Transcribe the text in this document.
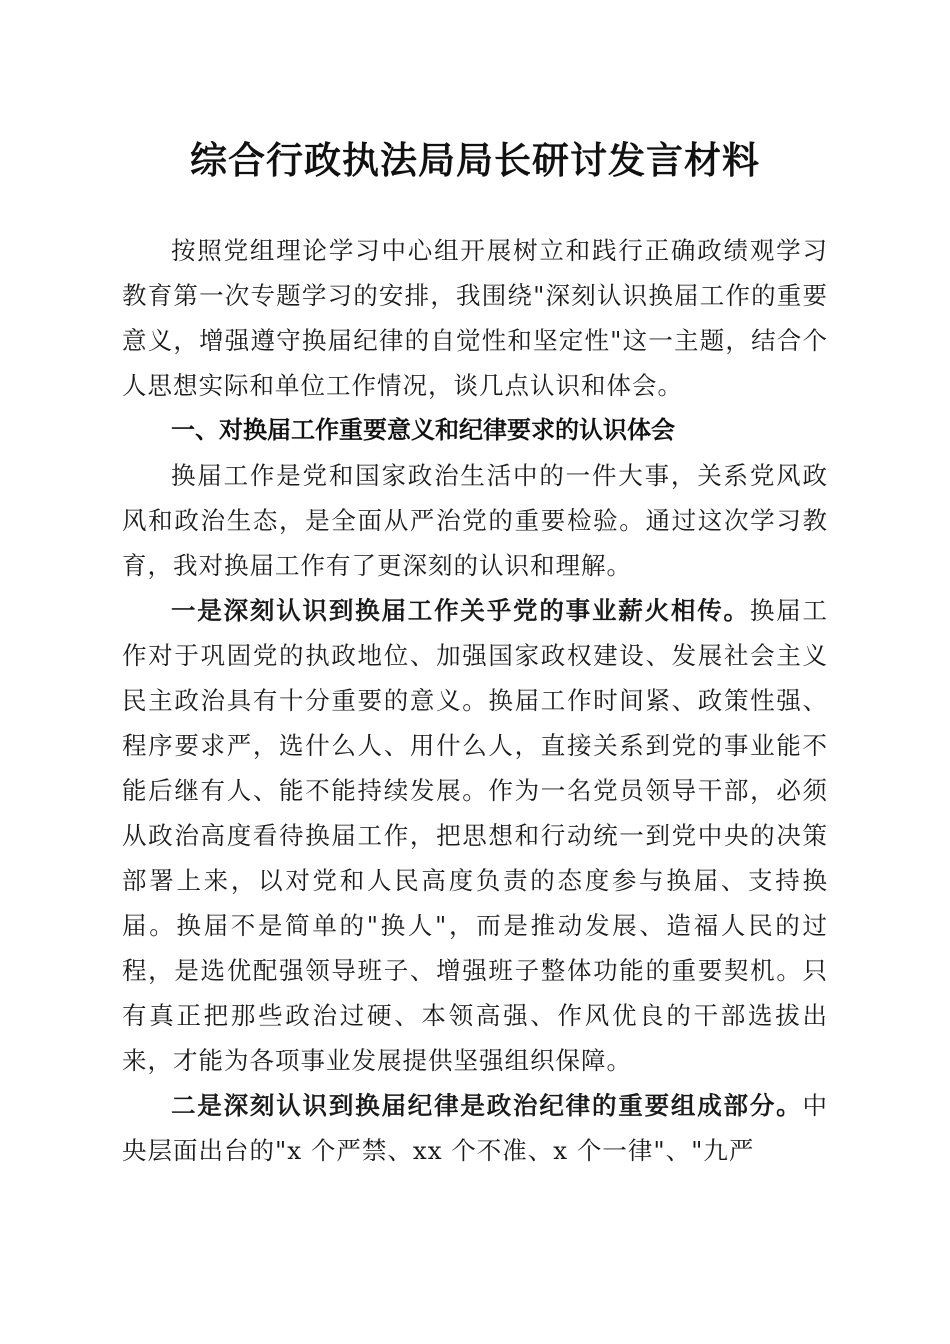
综合行政执法局局长研讨发言材料

按照党组理论学习中心组开展树立和践行正确政绩观学习教育第一次专题学习的安排，我围绕"深刻认识换届工作的重要意义，增强遵守换届纪律的自觉性和坚定性"这一主题，结合个人思想实际和单位工作情况，谈几点认识和体会。

一、对换届工作重要意义和纪律要求的认识体会

换届工作是党和国家政治生活中的一件大事，关系党风政风和政治生态，是全面从严治党的重要检验。通过这次学习教育，我对换届工作有了更深刻的认识和理解。

一是深刻认识到换届工作关乎党的事业薪火相传。换届工作对于巩固党的执政地位、加强国家政权建设、发展社会主义民主政治具有十分重要的意义。换届工作时间紧、政策性强、程序要求严，选什么人、用什么人，直接关系到党的事业能不能后继有人、能不能持续发展。作为一名党员领导干部，必须从政治高度看待换届工作，把思想和行动统一到党中央的决策部署上来，以对党和人民高度负责的态度参与换届、支持换届。换届不是简单的"换人"，而是推动发展、造福人民的过程，是选优配强领导班子、增强班子整体功能的重要契机。只有真正把那些政治过硬、本领高强、作风优良的干部选拔出来，才能为各项事业发展提供坚强组织保障。

二是深刻认识到换届纪律是政治纪律的重要组成部分。中央层面出台的"x 个严禁、xx 个不准、x 个一律"、"九严
